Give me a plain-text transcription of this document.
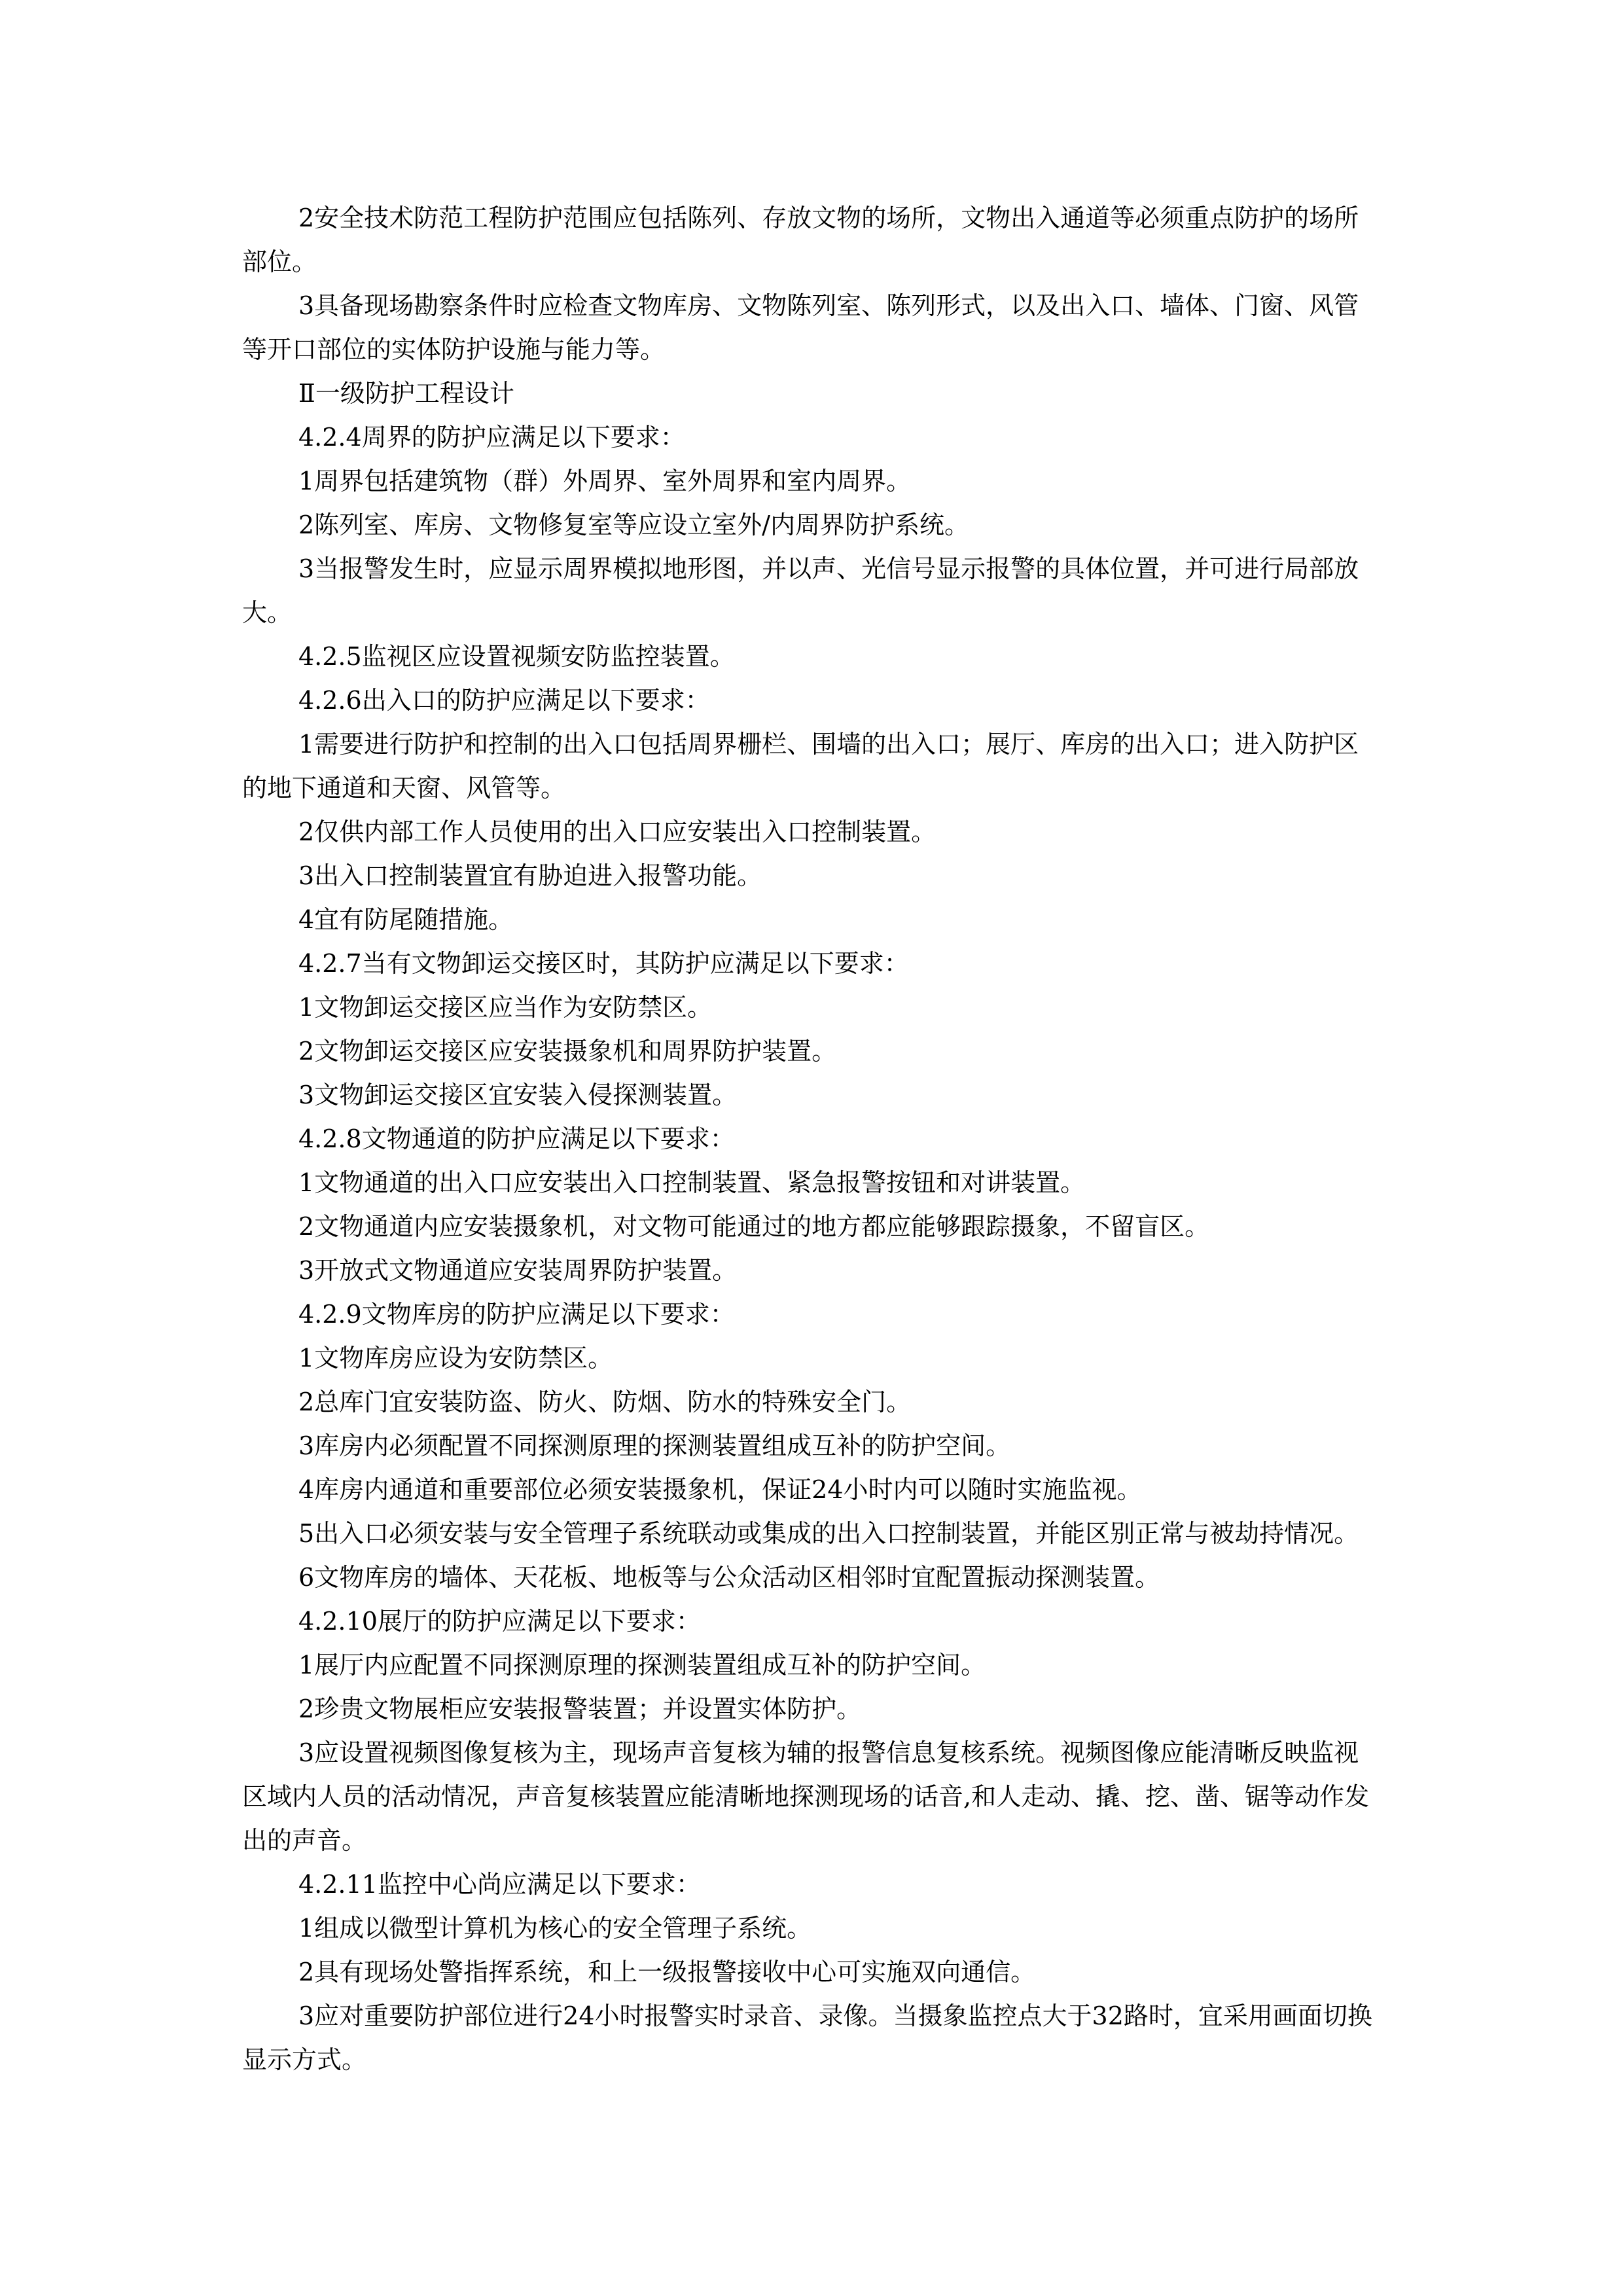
2安全技术防范工程防护范围应包括陈列、存放文物的场所，文物出入通道等必须重点防护的场所部位。

3具备现场勘察条件时应检查文物库房、文物陈列室、陈列形式，以及出入口、墙体、门窗、风管等开口部位的实体防护设施与能力等。

Ⅱ一级防护工程设计

4.2.4周界的防护应满足以下要求：

1周界包括建筑物（群）外周界、室外周界和室内周界。

2陈列室、库房、文物修复室等应设立室外/内周界防护系统。

3当报警发生时，应显示周界模拟地形图，并以声、光信号显示报警的具体位置，并可进行局部放大。

4.2.5监视区应设置视频安防监控装置。

4.2.6出入口的防护应满足以下要求：

1需要进行防护和控制的出入口包括周界栅栏、围墙的出入口；展厅、库房的出入口；进入防护区的地下通道和天窗、风管等。

2仅供内部工作人员使用的出入口应安装出入口控制装置。

3出入口控制装置宜有胁迫进入报警功能。

4宜有防尾随措施。

4.2.7当有文物卸运交接区时，其防护应满足以下要求：

1文物卸运交接区应当作为安防禁区。

2文物卸运交接区应安装摄象机和周界防护装置。

3文物卸运交接区宜安装入侵探测装置。

4.2.8文物通道的防护应满足以下要求：

1文物通道的出入口应安装出入口控制装置、紧急报警按钮和对讲装置。

2文物通道内应安装摄象机，对文物可能通过的地方都应能够跟踪摄象，不留盲区。

3开放式文物通道应安装周界防护装置。

4.2.9文物库房的防护应满足以下要求：

1文物库房应设为安防禁区。

2总库门宜安装防盗、防火、防烟、防水的特殊安全门。

3库房内必须配置不同探测原理的探测装置组成互补的防护空间。

4库房内通道和重要部位必须安装摄象机，保证24小时内可以随时实施监视。

5出入口必须安装与安全管理子系统联动或集成的出入口控制装置，并能区别正常与被劫持情况。

6文物库房的墙体、天花板、地板等与公众活动区相邻时宜配置振动探测装置。

4.2.10展厅的防护应满足以下要求：

1展厅内应配置不同探测原理的探测装置组成互补的防护空间。

2珍贵文物展柜应安装报警装置；并设置实体防护。

3应设置视频图像复核为主，现场声音复核为辅的报警信息复核系统。视频图像应能清晰反映监视区域内人员的活动情况，声音复核装置应能清晰地探测现场的话音,和人走动、撬、挖、凿、锯等动作发出的声音。

4.2.11监控中心尚应满足以下要求：

1组成以微型计算机为核心的安全管理子系统。

2具有现场处警指挥系统，和上一级报警接收中心可实施双向通信。

3应对重要防护部位进行24小时报警实时录音、录像。当摄象监控点大于32路时，宜采用画面切换显示方式。
